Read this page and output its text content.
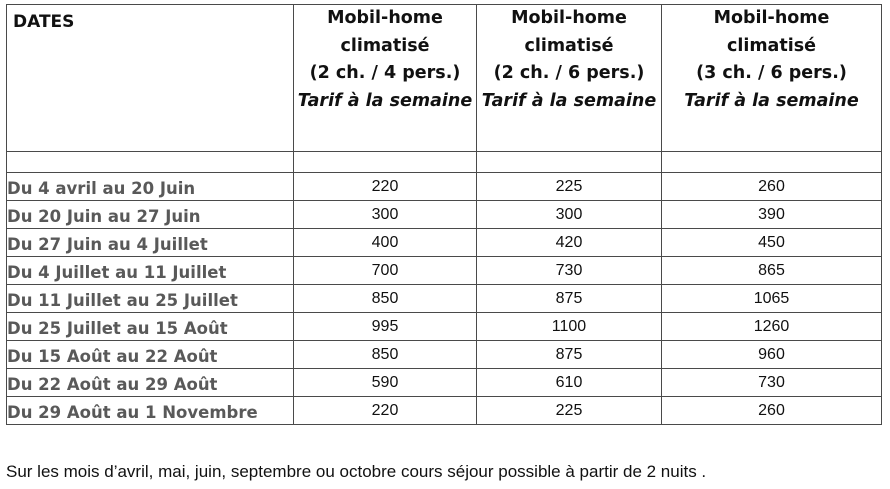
DATES	Mobil-home
climatisé
(2 ch. / 4 pers.)
Tarif à la semaine	Mobil-home
climatisé
(2 ch. / 6 pers.)
Tarif à la semaine	Mobil-home
climatisé
(3 ch. / 6 pers.)
Tarif à la semaine

Du 4 avril au 20 Juin	220	225	260
Du 20 Juin au 27 Juin	300	300	390
Du 27 Juin au 4 Juillet	400	420	450
Du 4 Juillet au 11 Juillet	700	730	865
Du 11 Juillet au 25 Juillet	850	875	1065
Du 25 Juillet au 15 Août	995	1100	1260
Du 15 Août au 22 Août	850	875	960
Du 22 Août au 29 Août	590	610	730
Du 29 Août au 1 Novembre	220	225	260
Sur les mois d’avril, mai, juin, septembre ou octobre cours séjour possible à partir de 2 nuits .
